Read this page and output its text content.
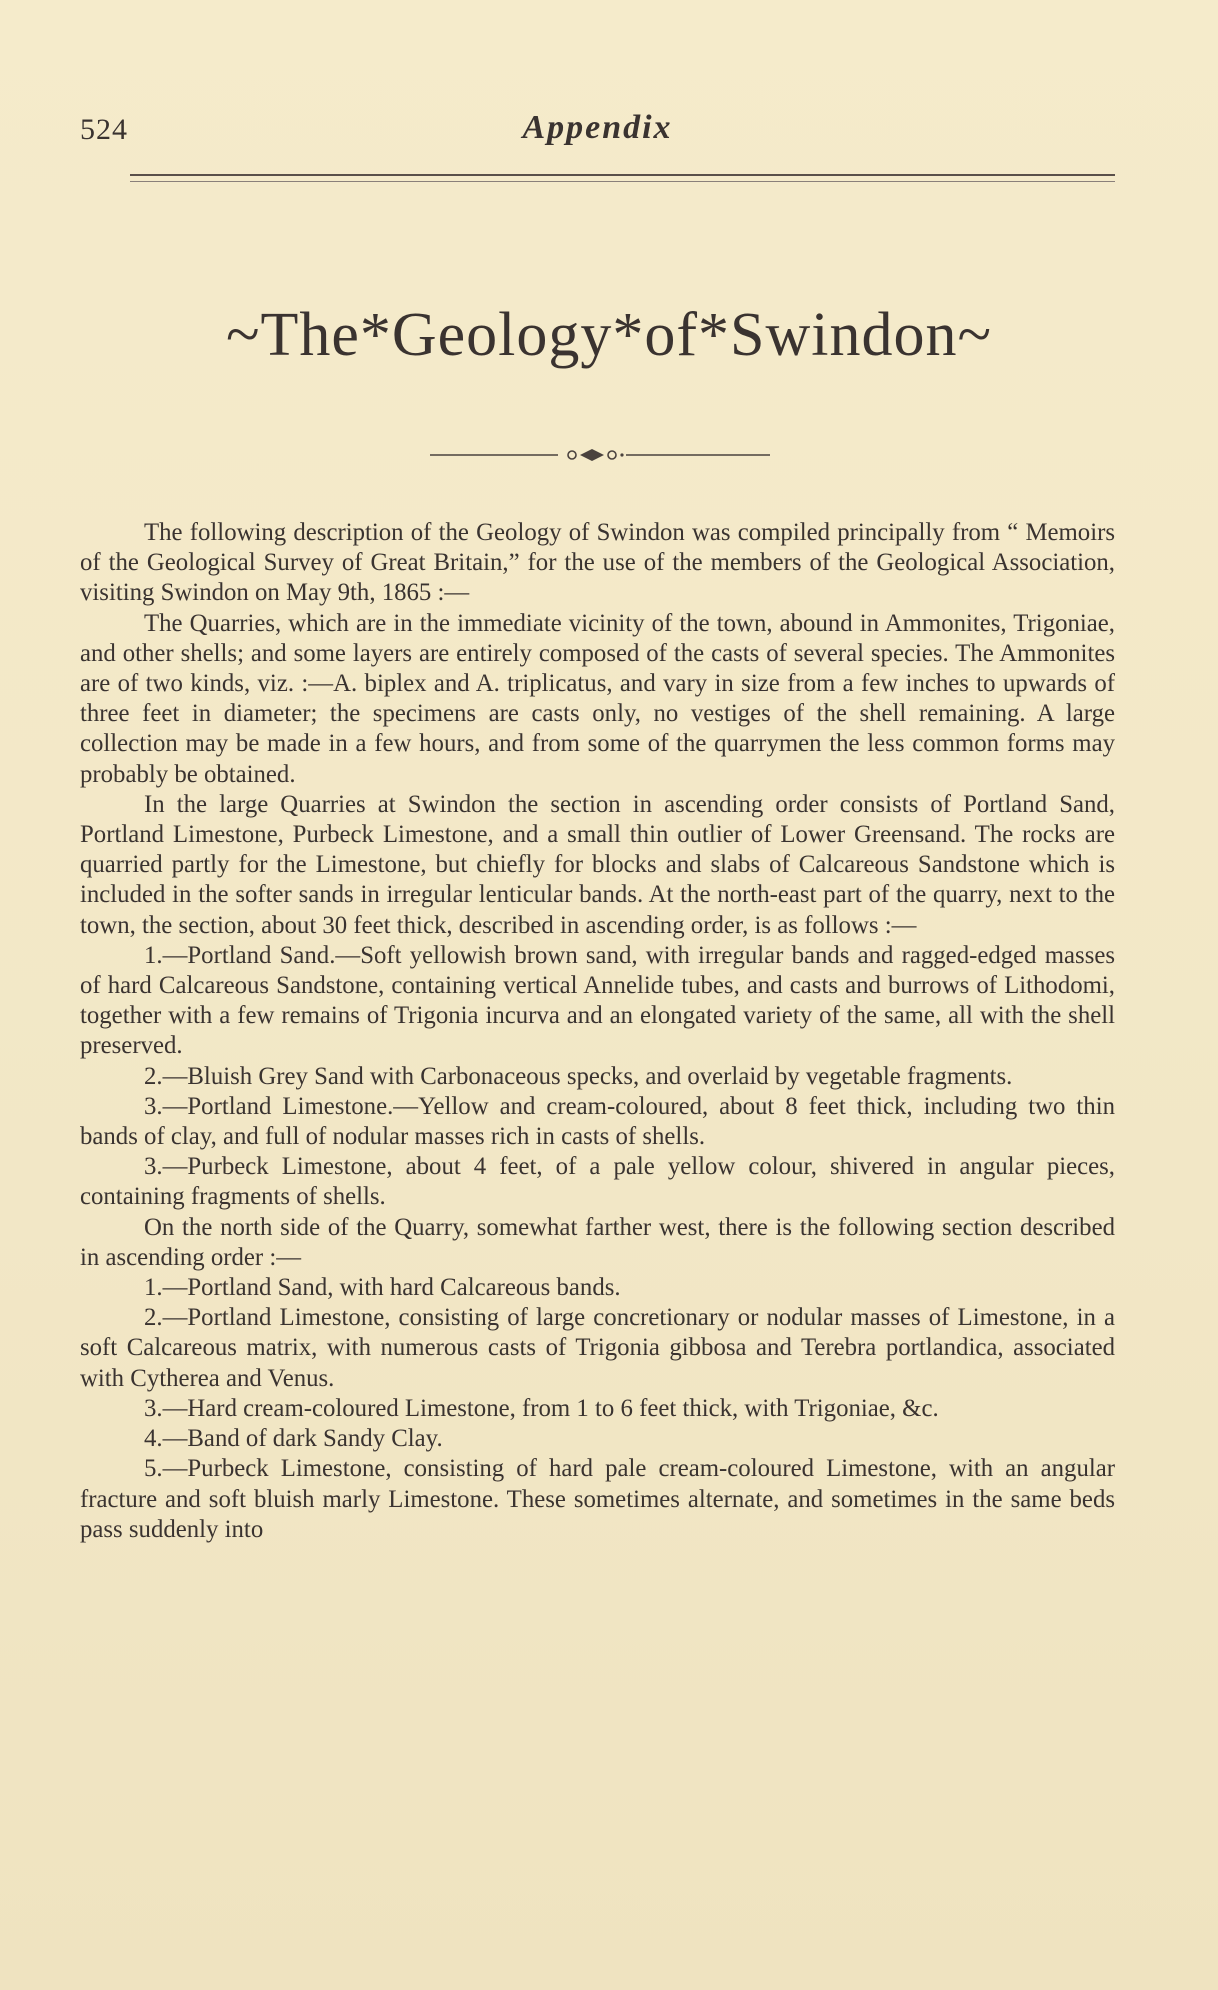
524	Appendix
~The*Geology*of*Swindon~

The following description of the Geology of Swindon was compiled principally from “ Memoirs of the Geological Survey of Great Britain,” for the use of the members of the Geological Association, visiting Swindon on May 9th, 1865 :—

The Quarries, which are in the immediate vicinity of the town, abound in Ammonites, Trigoniae, and other shells; and some layers are entirely composed of the casts of several species. The Ammonites are of two kinds, viz. :—A. biplex and A. triplicatus, and vary in size from a few inches to upwards of three feet in diameter; the specimens are casts only, no vestiges of the shell remaining. A large collection may be made in a few hours, and from some of the quarrymen the less common forms may probably be obtained.

In the large Quarries at Swindon the section in ascending order consists of Portland Sand, Portland Limestone, Purbeck Limestone, and a small thin outlier of Lower Greensand. The rocks are quarried partly for the Limestone, but chiefly for blocks and slabs of Calcareous Sandstone which is included in the softer sands in irregular lenticular bands. At the north-east part of the quarry, next to the town, the section, about 30 feet thick, described in ascending order, is as follows :—

1.—Portland Sand.—Soft yellowish brown sand, with irregular bands and ragged-edged masses of hard Calcareous Sandstone, containing vertical Annelide tubes, and casts and burrows of Lithodomi, together with a few remains of Trigonia incurva and an elongated variety of the same, all with the shell preserved.

2.—Bluish Grey Sand with Carbonaceous specks, and overlaid by vegetable fragments.

3.—Portland Limestone.—Yellow and cream-coloured, about 8 feet thick, including two thin bands of clay, and full of nodular masses rich in casts of shells.

3.—Purbeck Limestone, about 4 feet, of a pale yellow colour, shivered in angular pieces, containing fragments of shells.

On the north side of the Quarry, somewhat farther west, there is the following section described in ascending order :—

1.—Portland Sand, with hard Calcareous bands.

2.—Portland Limestone, consisting of large concretionary or nodular masses of Limestone, in a soft Calcareous matrix, with numerous casts of Trigonia gibbosa and Terebra portlandica, associated with Cytherea and Venus.

3.—Hard cream-coloured Limestone, from 1 to 6 feet thick, with Trigoniae, &c.

4.—Band of dark Sandy Clay.

5.—Purbeck Limestone, consisting of hard pale cream-coloured Limestone, with an angular fracture and soft bluish marly Limestone. These sometimes alternate, and sometimes in the same beds pass suddenly into
